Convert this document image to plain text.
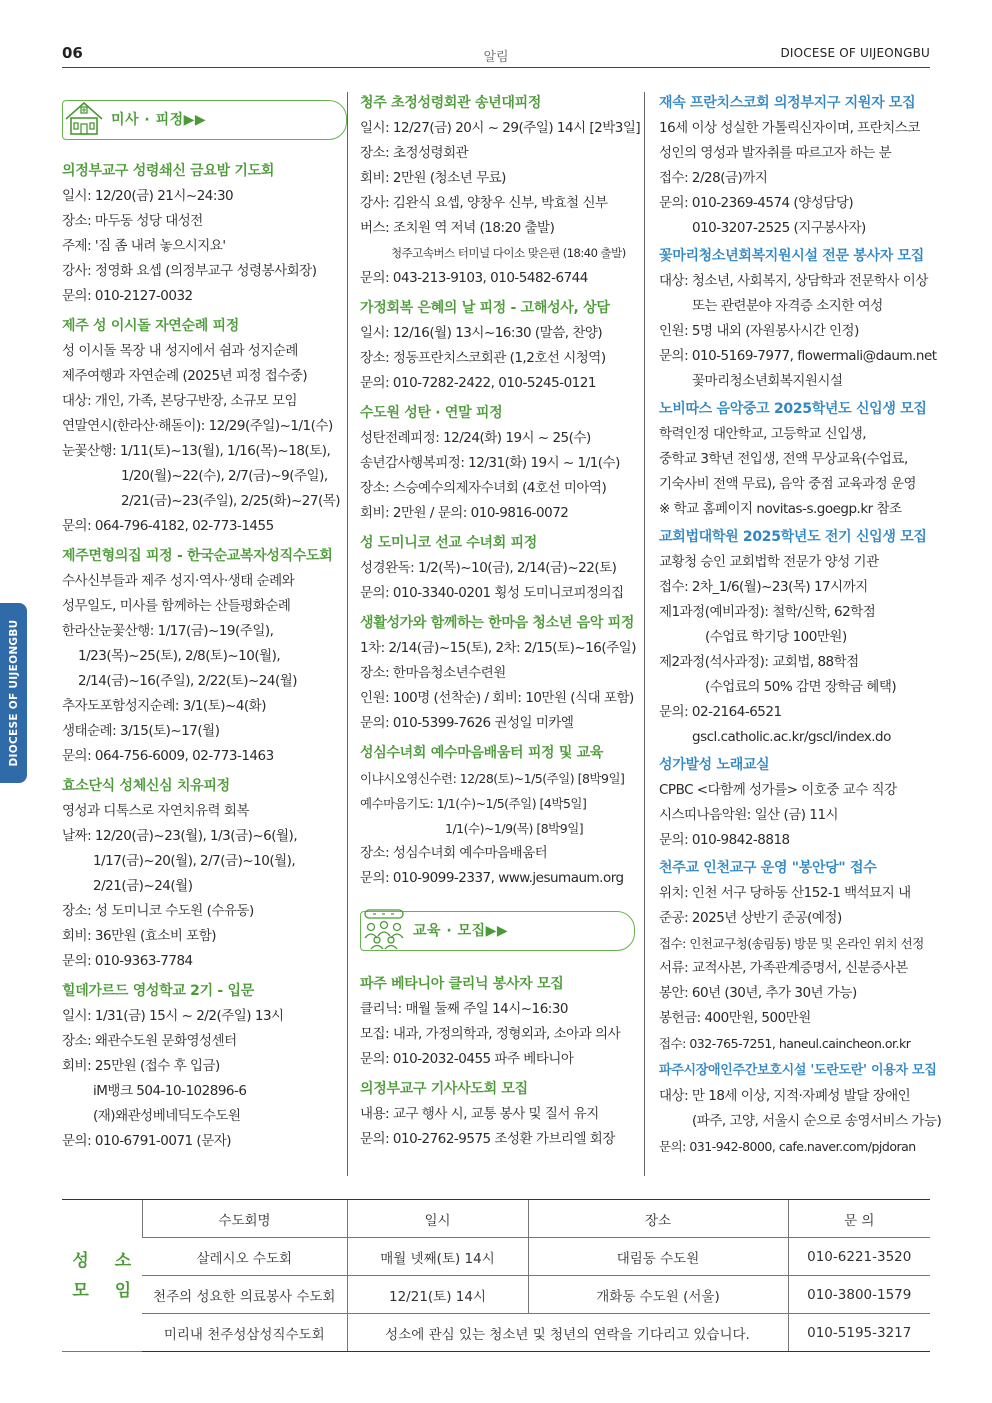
06	알림	DIOCESE OF UIJEONGBU
DIOCESE OF UIJEONGBU
미사 · 피정▶▶
의정부교구 성령쇄신 금요밤 기도회
일시: 12/20(금) 21시~24:30
장소: 마두동 성당 대성전
주제: '짐 좀 내려 놓으시지요'
강사: 정영화 요셉 (의정부교구 성령봉사회장)
문의: 010-2127-0032
제주 성 이시돌 자연순례 피정
성 이시돌 목장 내 성지에서 쉼과 성지순례
제주여행과 자연순례 (2025년 피정 접수중)
대상: 개인, 가족, 본당구반장, 소규모 모임
연말연시(한라산·해돋이): 12/29(주일)~1/1(수)
눈꽃산행: 1/11(토)~13(월), 1/16(목)~18(토),
1/20(월)~22(수), 2/7(금)~9(주일),
2/21(금)~23(주일), 2/25(화)~27(목)
문의: 064-796-4182, 02-773-1455
제주면형의집 피정 - 한국순교복자성직수도회
수사신부들과 제주 성지·역사·생태 순례와
성무일도, 미사를 함께하는 산들평화순례
한라산눈꽃산행: 1/17(금)~19(주일),
1/23(목)~25(토), 2/8(토)~10(월),
2/14(금)~16(주일), 2/22(토)~24(월)
추자도포함성지순례: 3/1(토)~4(화)
생태순례: 3/15(토)~17(월)
문의: 064-756-6009, 02-773-1463
효소단식 성체신심 치유피정
영성과 디톡스로 자연치유력 회복
날짜: 12/20(금)~23(월), 1/3(금)~6(월),
1/17(금)~20(월), 2/7(금)~10(월),
2/21(금)~24(월)
장소: 성 도미니코 수도원 (수유동)
회비: 36만원 (효소비 포함)
문의: 010-9363-7784
힐데가르드 영성학교 2기 - 입문
일시: 1/31(금) 15시 ~ 2/2(주일) 13시
장소: 왜관수도원 문화영성센터
회비: 25만원 (접수 후 입금)
iM뱅크 504-10-102896-6
(재)왜관성베네딕도수도원
문의: 010-6791-0071 (문자)
청주 초정성령회관 송년대피정
일시: 12/27(금) 20시 ~ 29(주일) 14시 [2박3일]
장소: 초정성령회관
회비: 2만원 (청소년 무료)
강사: 김완식 요셉, 양창우 신부, 박효철 신부
버스: 조치원 역 저녁 (18:20 출발)
청주고속버스 터미널 다이소 맞은편 (18:40 출발)
문의: 043-213-9103, 010-5482-6744
가정회복 은혜의 날 피정 - 고해성사, 상담
일시: 12/16(월) 13시~16:30 (말씀, 찬양)
장소: 정동프란치스코회관 (1,2호선 시청역)
문의: 010-7282-2422, 010-5245-0121
수도원 성탄 · 연말 피정
성탄전례피정: 12/24(화) 19시 ~ 25(수)
송년감사행복피정: 12/31(화) 19시 ~ 1/1(수)
장소: 스승예수의제자수녀회 (4호선 미아역)
회비: 2만원 / 문의: 010-9816-0072
성 도미니코 선교 수녀회 피정
성경완독: 1/2(목)~10(금), 2/14(금)~22(토)
문의: 010-3340-0201 횡성 도미니코피정의집
생활성가와 함께하는 한마음 청소년 음악 피정
1차: 2/14(금)~15(토), 2차: 2/15(토)~16(주일)
장소: 한마음청소년수련원
인원: 100명 (선착순) / 회비: 10만원 (식대 포함)
문의: 010-5399-7626 권성일 미카엘
성심수녀회 예수마음배움터 피정 및 교육
이냐시오영신수련: 12/28(토)~1/5(주일) [8박9일]
예수마음기도: 1/1(수)~1/5(주일) [4박5일]
1/1(수)~1/9(목) [8박9일]
장소: 성심수녀회 예수마음배움터
문의: 010-9099-2337, www.jesumaum.org
교육 · 모집▶▶
파주 베타니아 클리닉 봉사자 모집
클리닉: 매월 둘째 주일 14시~16:30
모집: 내과, 가정의학과, 정형외과, 소아과 의사
문의: 010-2032-0455 파주 베타니아
의정부교구 기사사도회 모집
내용: 교구 행사 시, 교통 봉사 및 질서 유지
문의: 010-2762-9575 조성환 가브리엘 회장
재속 프란치스코회 의정부지구 지원자 모집
16세 이상 성실한 가톨릭신자이며, 프란치스코
성인의 영성과 발자취를 따르고자 하는 분
접수: 2/28(금)까지
문의: 010-2369-4574 (양성담당)
010-3207-2525 (지구봉사자)
꽃마리청소년회복지원시설 전문 봉사자 모집
대상: 청소년, 사회복지, 상담학과 전문학사 이상
또는 관련분야 자격증 소지한 여성
인원: 5명 내외 (자원봉사시간 인정)
문의: 010-5169-7977, flowermali@daum.net
꽃마리청소년회복지원시설
노비따스 음악중고 2025학년도 신입생 모집
학력인정 대안학교, 고등학교 신입생,
중학교 3학년 전입생, 전액 무상교육(수업료,
기숙사비 전액 무료), 음악 중점 교육과정 운영
※ 학교 홈페이지 novitas-s.goegp.kr 참조
교회법대학원 2025학년도 전기 신입생 모집
교황청 승인 교회법학 전문가 양성 기관
접수: 2차_1/6(월)~23(목) 17시까지
제1과정(예비과정): 철학/신학, 62학점
(수업료 학기당 100만원)
제2과정(석사과정): 교회법, 88학점
(수업료의 50% 감면 장학금 혜택)
문의: 02-2164-6521
gscl.catholic.ac.kr/gscl/index.do
성가발성 노래교실
CPBC <다함께 성가를> 이호중 교수 직강
시스띠나음악원: 일산 (금) 11시
문의: 010-9842-8818
천주교 인천교구 운영 "봉안당" 접수
위치: 인천 서구 당하동 산152-1 백석묘지 내
준공: 2025년 상반기 준공(예정)
접수: 인천교구청(송림동) 방문 및 온라인 위치 선정
서류: 교적사본, 가족관계증명서, 신분증사본
봉안: 60년 (30년, 추가 30년 가능)
봉헌금: 400만원, 500만원
접수: 032-765-7251, haneul.caincheon.or.kr
파주시장애인주간보호시설 '도란도란' 이용자 모집
대상: 만 18세 이상, 지적·자폐성 발달 장애인
(파주, 고양, 서울시 순으로 송영서비스 가능)
문의: 031-942-8000, cafe.naver.com/pjdoran
성 소
모 임	수도회명	일시	장소	문 의
	살레시오 수도회	매월 넷째(토) 14시	대림동 수도원	010-6221-3520
	천주의 성요한 의료봉사 수도회	12/21(토) 14시	개화동 수도원 (서울)	010-3800-1579
	미리내 천주성삼성직수도회	성소에 관심 있는 청소년 및 청년의 연락을 기다리고 있습니다.		010-5195-3217
